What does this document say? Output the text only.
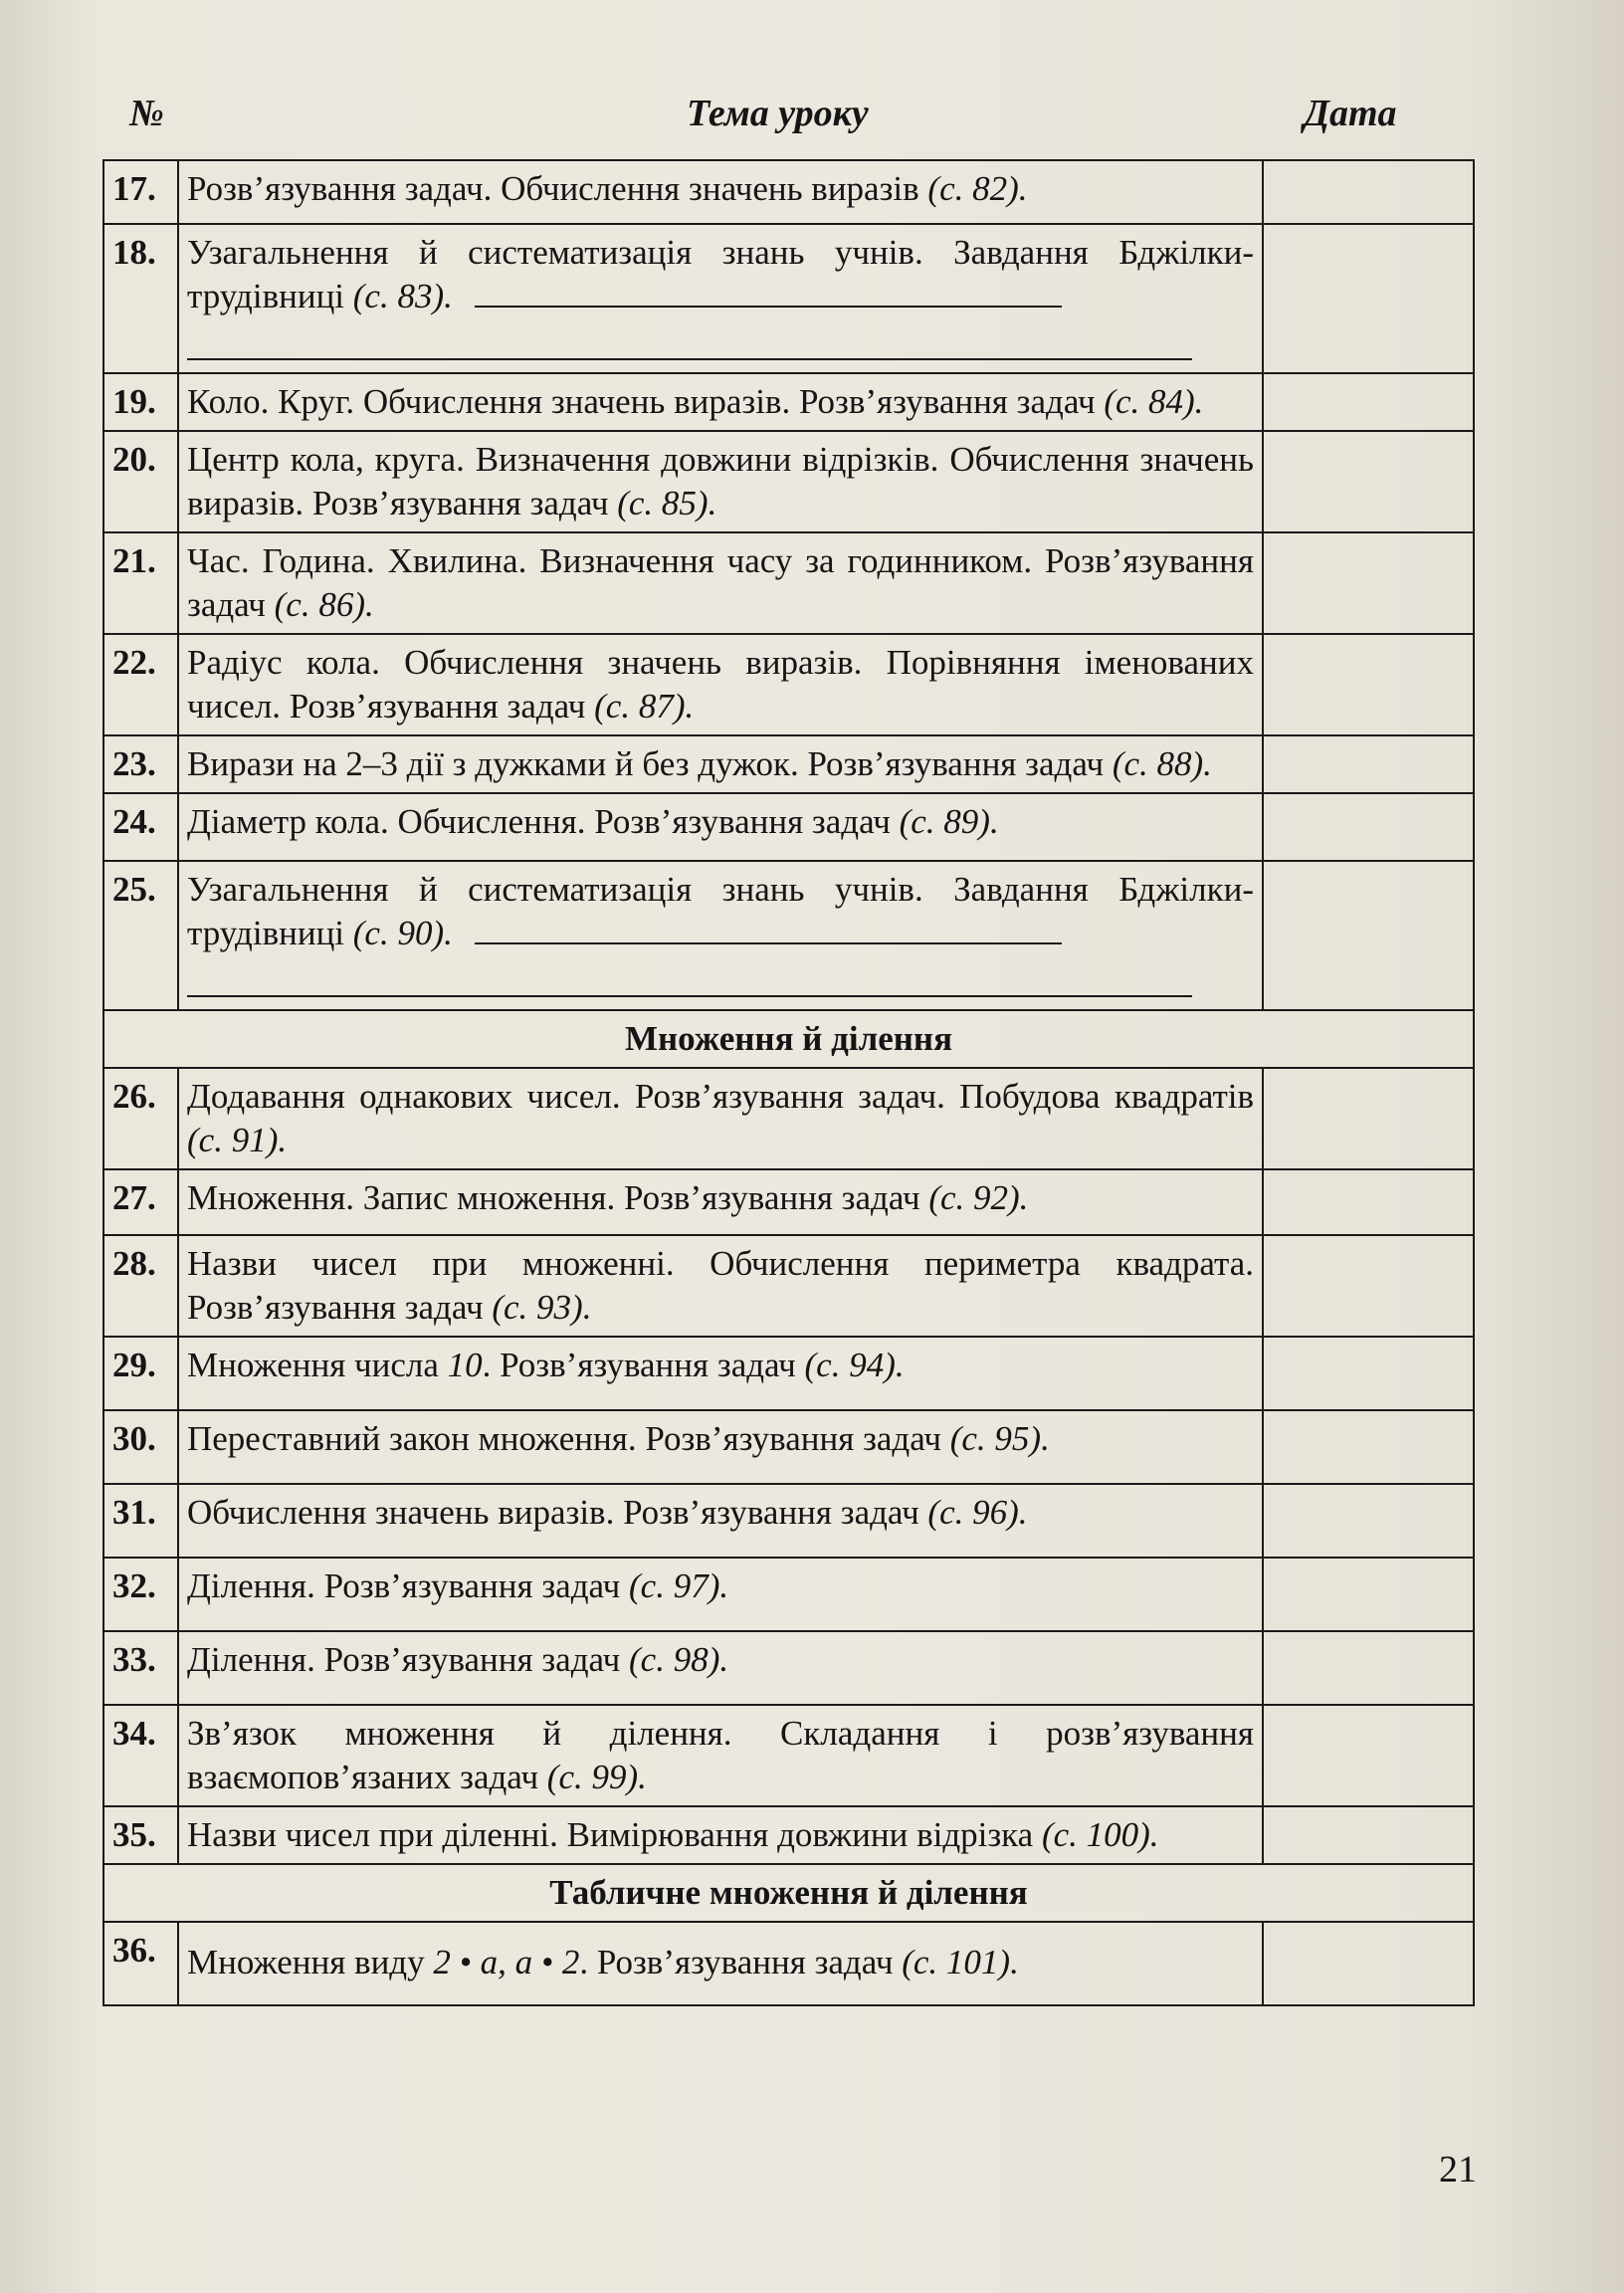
№	Тема уроку	Дата
17.	Розв’язування задач. Обчислення значень виразів (с. 82).	
18.	Узагальнення й систематизація знань учнів. Завдання Бджілки-трудівниці (с. 83).

19.	Коло. Круг. Обчислення значень виразів. Розв’язування задач (с. 84).	
20.	Центр кола, круга. Визначення довжини відрізків. Обчислення значень виразів. Розв’язування задач (с. 85).	
21.	Час. Година. Хвилина. Визначення часу за годинником. Розв’язування задач (с. 86).	
22.	Радіус кола. Обчислення значень виразів. Порівняння іменованих чисел. Розв’язування задач (с. 87).	
23.	Вирази на 2–3 дії з дужками й без дужок. Розв’язування задач (с. 88).	
24.	Діаметр кола. Обчислення. Розв’язування задач (с. 89).	
25.	Узагальнення й систематизація знань учнів. Завдання Бджілки-трудівниці (с. 90).

Множення й ділення		
26.	Додавання однакових чисел. Розв’язування задач. Побудова квадратів (с. 91).	
27.	Множення. Запис множення. Розв’язування задач (с. 92).	
28.	Назви чисел при множенні. Обчислення периметра квадрата. Розв’язування задач (с. 93).	
29.	Множення числа 10. Розв’язування задач (с. 94).	
30.	Переставний закон множення. Розв’язування задач (с. 95).	
31.	Обчислення значень виразів. Розв’язування задач (с. 96).	
32.	Ділення. Розв’язування задач (с. 97).	
33.	Ділення. Розв’язування задач (с. 98).	
34.	Зв’язок множення й ділення. Складання і розв’язування взаємопов’язаних задач (с. 99).	
35.	Назви чисел при діленні. Вимірювання довжини відрізка (с. 100).	
Табличне множення й ділення		
36.	Множення виду 2 • а, а • 2. Розв’язування задач (с. 101).	
21
